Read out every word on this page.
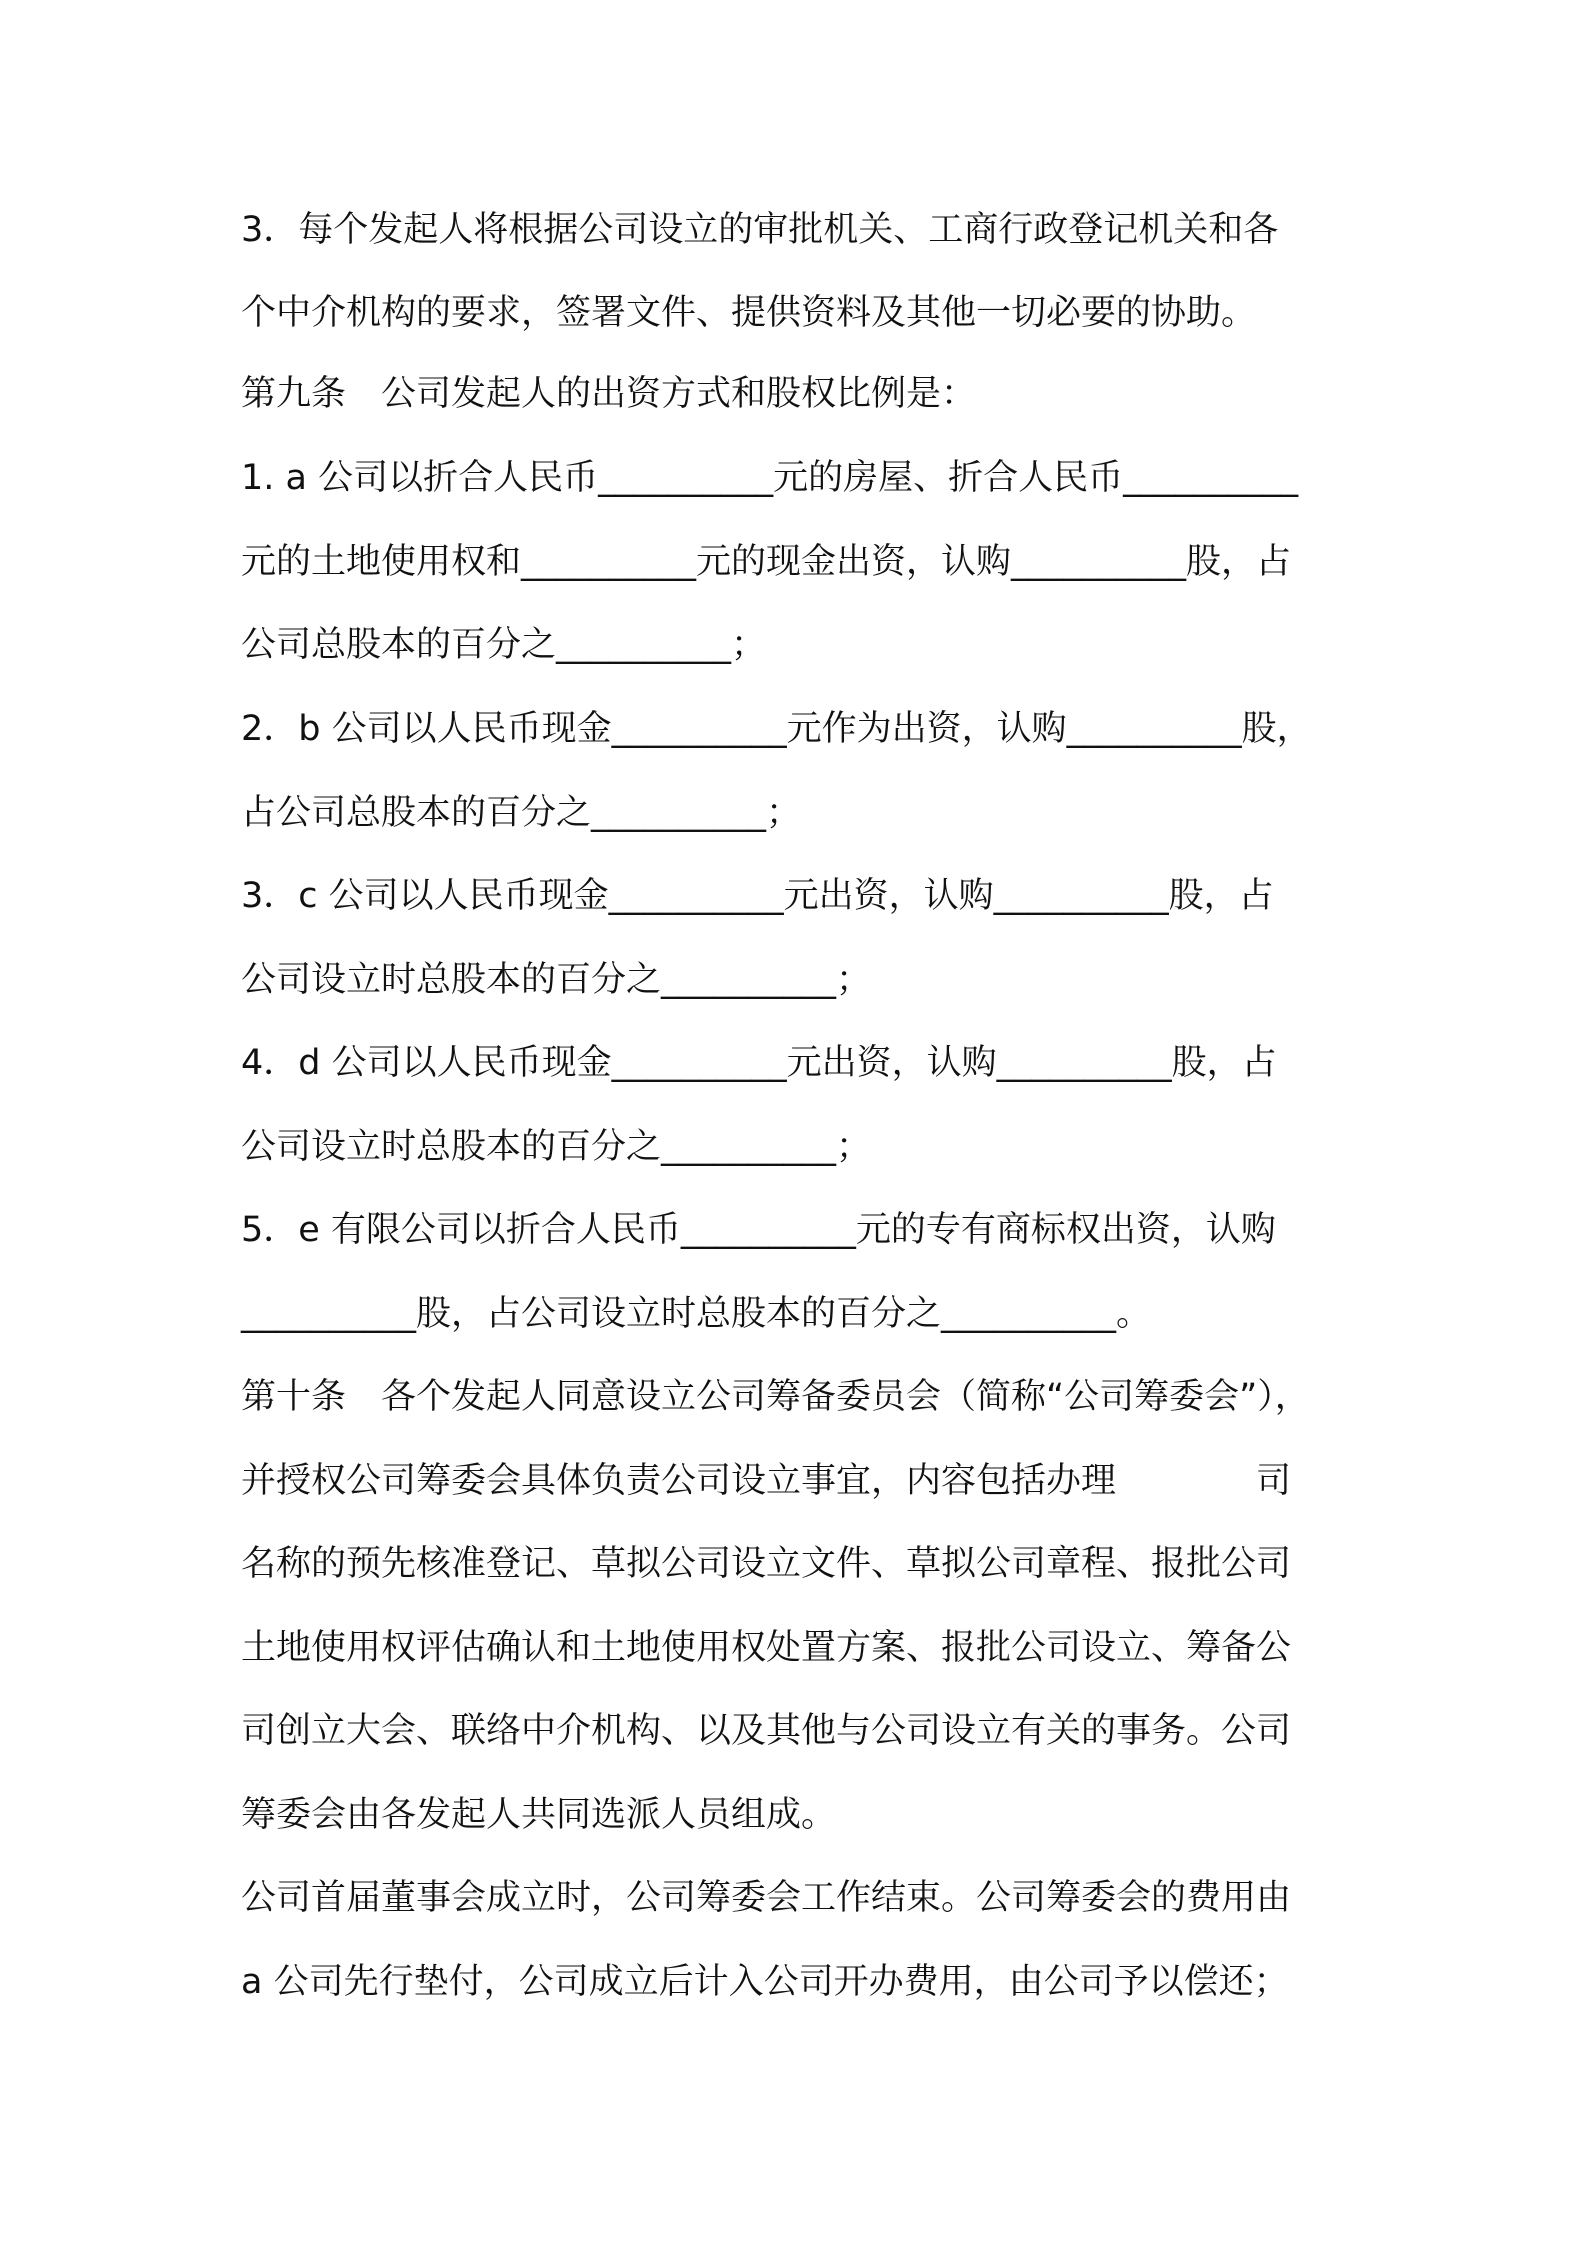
3．每个发起人将根据公司设立的审批机关、工商行政登记机关和各
个中介机构的要求，签署文件、提供资料及其他一切必要的协助。
第九条　公司发起人的出资方式和股权比例是：
1. a 公司以折合人民币__________元的房屋、折合人民币__________
元的土地使用权和__________元的现金出资，认购__________股，占
公司总股本的百分之__________；
2．b 公司以人民币现金__________元作为出资，认购__________股，
占公司总股本的百分之__________；
3．c 公司以人民币现金__________元出资，认购__________股，占
公司设立时总股本的百分之__________；
4．d 公司以人民币现金__________元出资，认购__________股，占
公司设立时总股本的百分之__________；
5．e 有限公司以折合人民币__________元的专有商标权出资，认购
__________股，占公司设立时总股本的百分之__________。
第十条　各个发起人同意设立公司筹备委员会（简称“公司筹委会”），
并授权公司筹委会具体负责公司设立事宜，内容包括办理　　　　司
名称的预先核准登记、草拟公司设立文件、草拟公司章程、报批公司
土地使用权评估确认和土地使用权处置方案、报批公司设立、筹备公
司创立大会、联络中介机构、以及其他与公司设立有关的事务。公司
筹委会由各发起人共同选派人员组成。
公司首届董事会成立时，公司筹委会工作结束。公司筹委会的费用由
a 公司先行垫付，公司成立后计入公司开办费用，由公司予以偿还；
